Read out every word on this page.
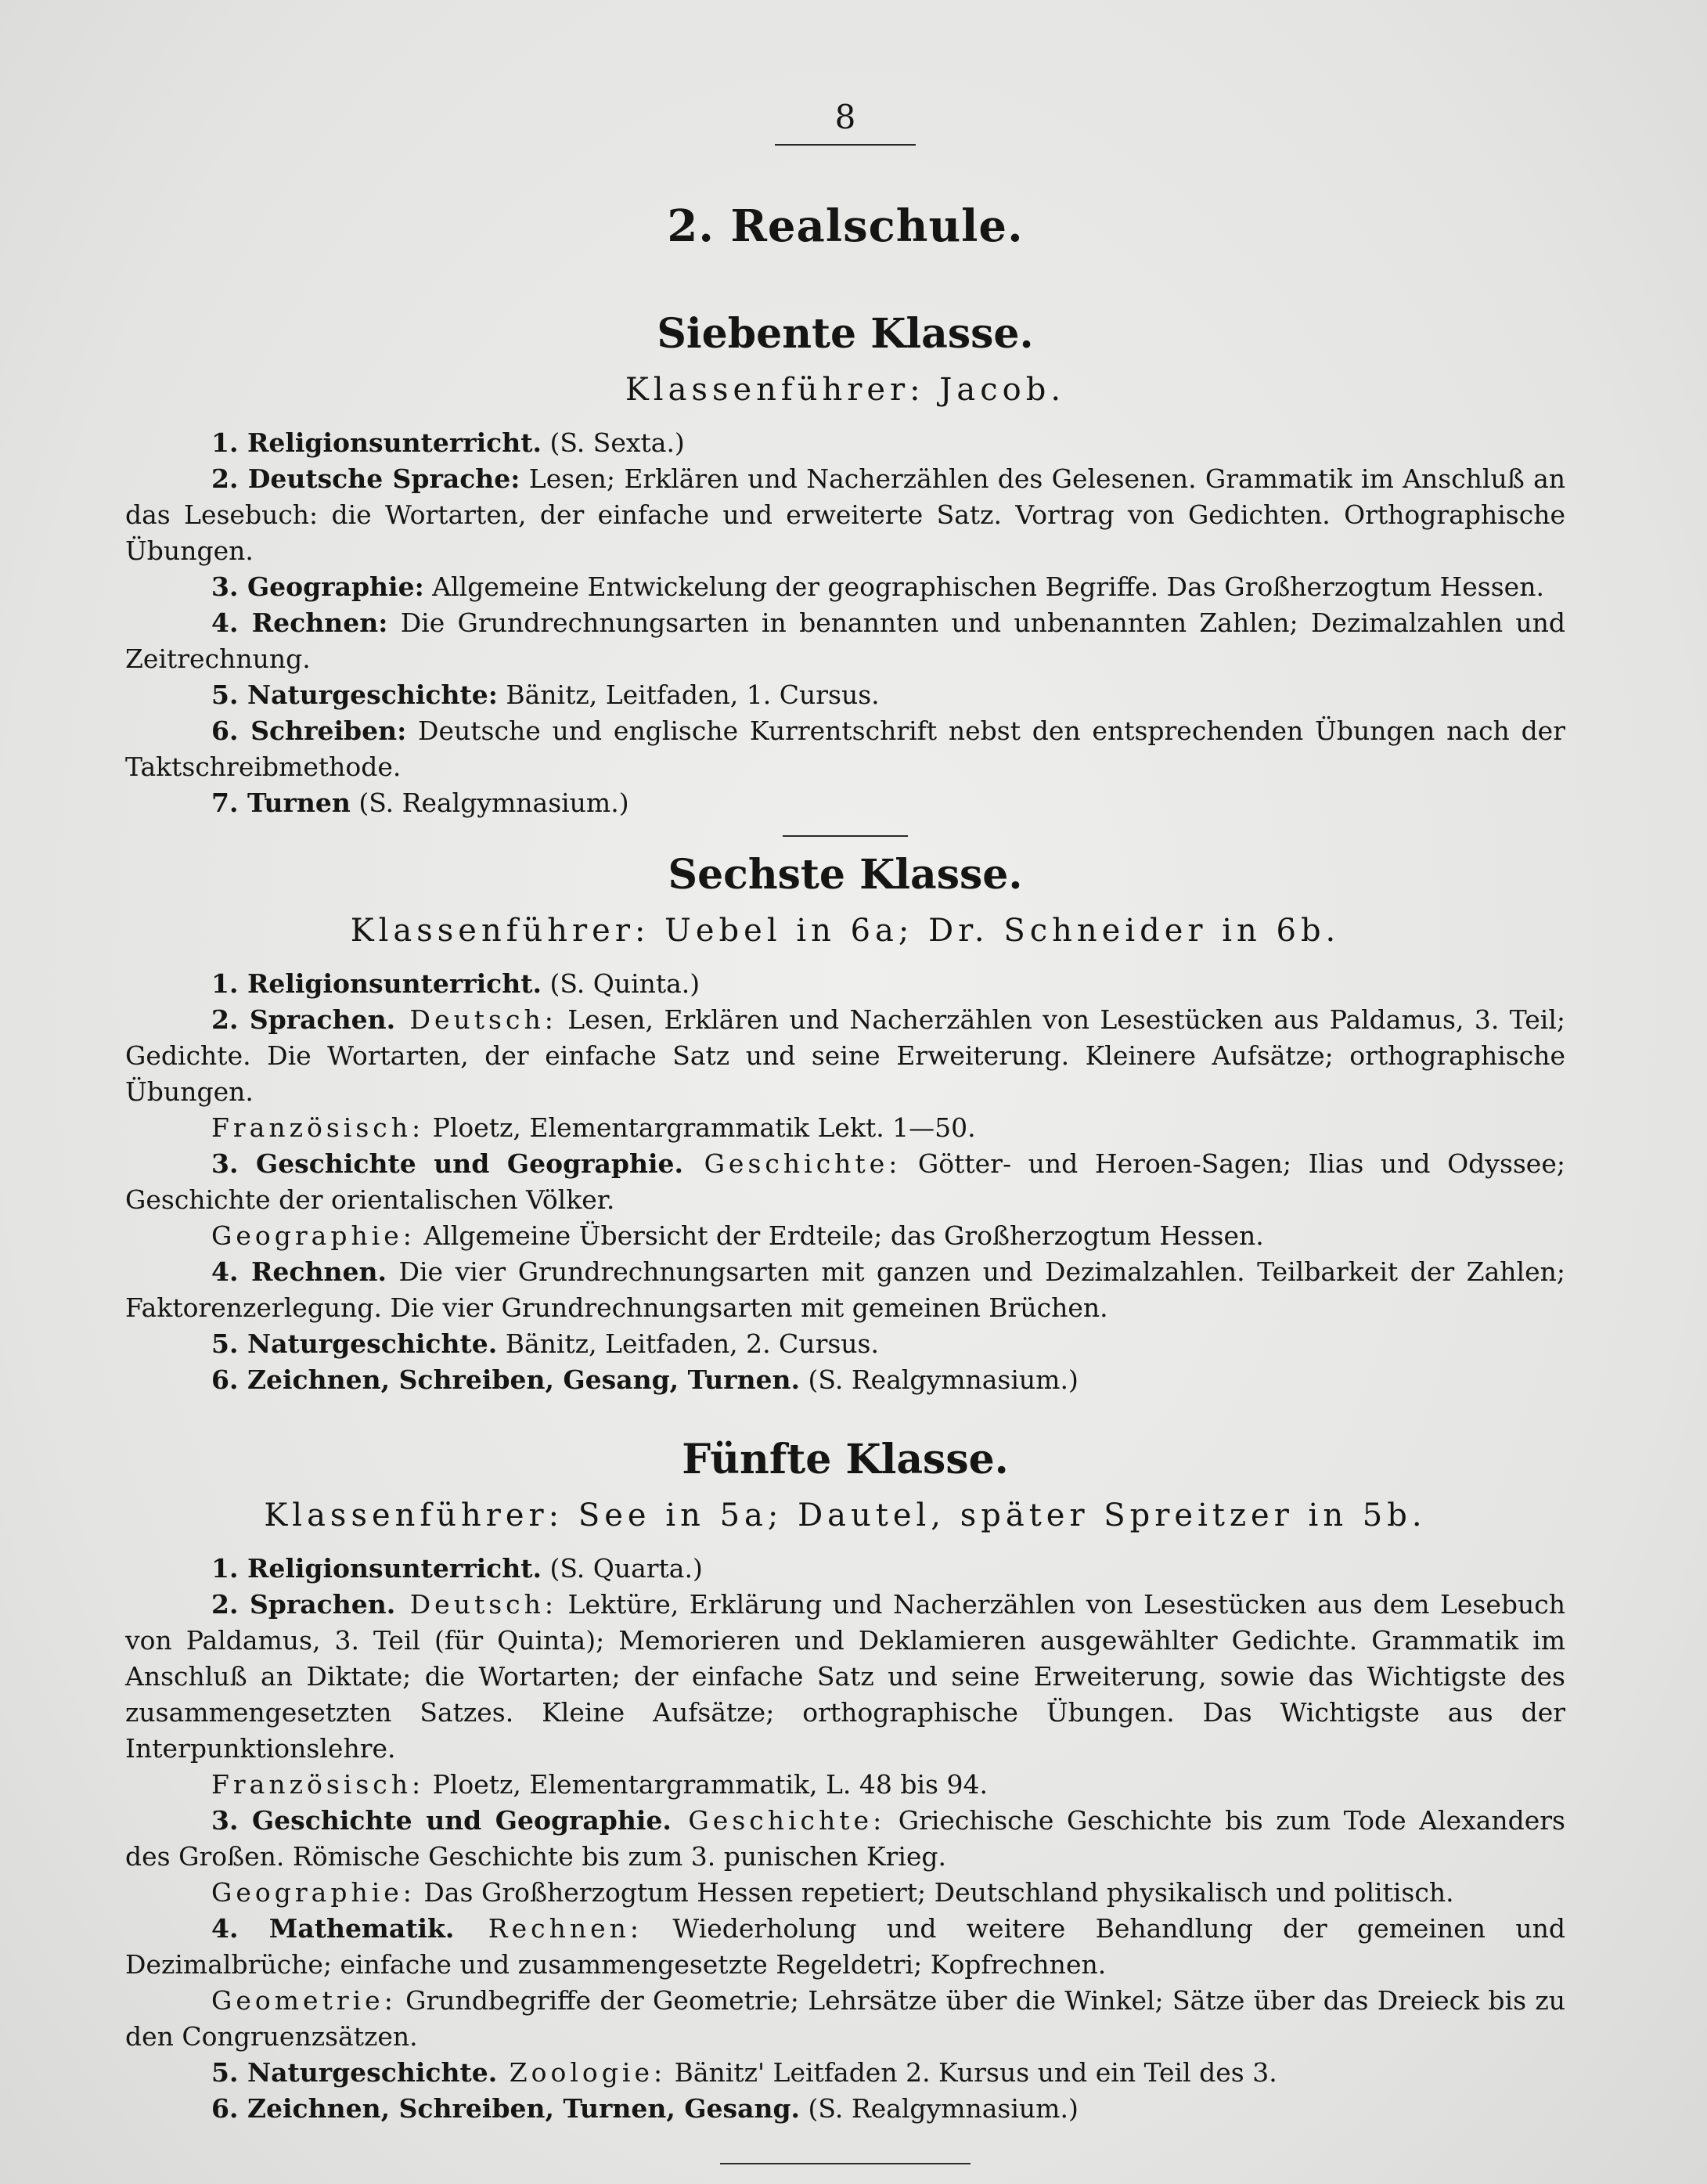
8

2. Realschule.
Siebente Klasse.

Klassenführer: Jacob.

1. Religionsunterricht. (S. Sexta.)

2. Deutsche Sprache: Lesen; Erklären und Nacherzählen des Gelesenen. Grammatik im Anschluß an das Lesebuch: die Wortarten, der einfache und erweiterte Satz. Vortrag von Gedichten. Orthographische Übungen.

3. Geographie: Allgemeine Entwickelung der geographischen Begriffe. Das Großherzogtum Hessen.

4. Rechnen: Die Grundrechnungsarten in benannten und unbenannten Zahlen; Dezimalzahlen und Zeitrechnung.

5. Naturgeschichte: Bänitz, Leitfaden, 1. Cursus.

6. Schreiben: Deutsche und englische Kurrentschrift nebst den entsprechenden Übungen nach der Taktschreibmethode.

7. Turnen (S. Realgymnasium.)

Sechste Klasse.

Klassenführer: Uebel in 6a; Dr. Schneider in 6b.

1. Religionsunterricht. (S. Quinta.)

2. Sprachen. Deutsch: Lesen, Erklären und Nacherzählen von Lesestücken aus Paldamus, 3. Teil; Gedichte. Die Wortarten, der einfache Satz und seine Erweiterung. Kleinere Aufsätze; orthographische Übungen.

Französisch: Ploetz, Elementargrammatik Lekt. 1—50.

3. Geschichte und Geographie. Geschichte: Götter- und Heroen-Sagen; Ilias und Odyssee; Geschichte der orientalischen Völker.

Geographie: Allgemeine Übersicht der Erdteile; das Großherzogtum Hessen.

4. Rechnen. Die vier Grundrechnungsarten mit ganzen und Dezimalzahlen. Teilbarkeit der Zahlen; Faktorenzerlegung. Die vier Grundrechnungsarten mit gemeinen Brüchen.

5. Naturgeschichte. Bänitz, Leitfaden, 2. Cursus.

6. Zeichnen, Schreiben, Gesang, Turnen. (S. Realgymnasium.)

Fünfte Klasse.

Klassenführer: See in 5a; Dautel, später Spreitzer in 5b.

1. Religionsunterricht. (S. Quarta.)

2. Sprachen. Deutsch: Lektüre, Erklärung und Nacherzählen von Lesestücken aus dem Lesebuch von Paldamus, 3. Teil (für Quinta); Memorieren und Deklamieren ausgewählter Gedichte. Grammatik im Anschluß an Diktate; die Wortarten; der einfache Satz und seine Erweiterung, sowie das Wichtigste des zusammengesetzten Satzes. Kleine Aufsätze; orthographische Übungen. Das Wichtigste aus der Interpunktionslehre.

Französisch: Ploetz, Elementargrammatik, L. 48 bis 94.

3. Geschichte und Geographie. Geschichte: Griechische Geschichte bis zum Tode Alexanders des Großen. Römische Geschichte bis zum 3. punischen Krieg.

Geographie: Das Großherzogtum Hessen repetiert; Deutschland physikalisch und politisch.

4. Mathematik. Rechnen: Wiederholung und weitere Behandlung der gemeinen und Dezimalbrüche; einfache und zusammengesetzte Regeldetri; Kopfrechnen.

Geometrie: Grundbegriffe der Geometrie; Lehrsätze über die Winkel; Sätze über das Dreieck bis zu den Congruenzsätzen.

5. Naturgeschichte. Zoologie: Bänitz' Leitfaden 2. Kursus und ein Teil des 3.

6. Zeichnen, Schreiben, Turnen, Gesang. (S. Realgymnasium.)
